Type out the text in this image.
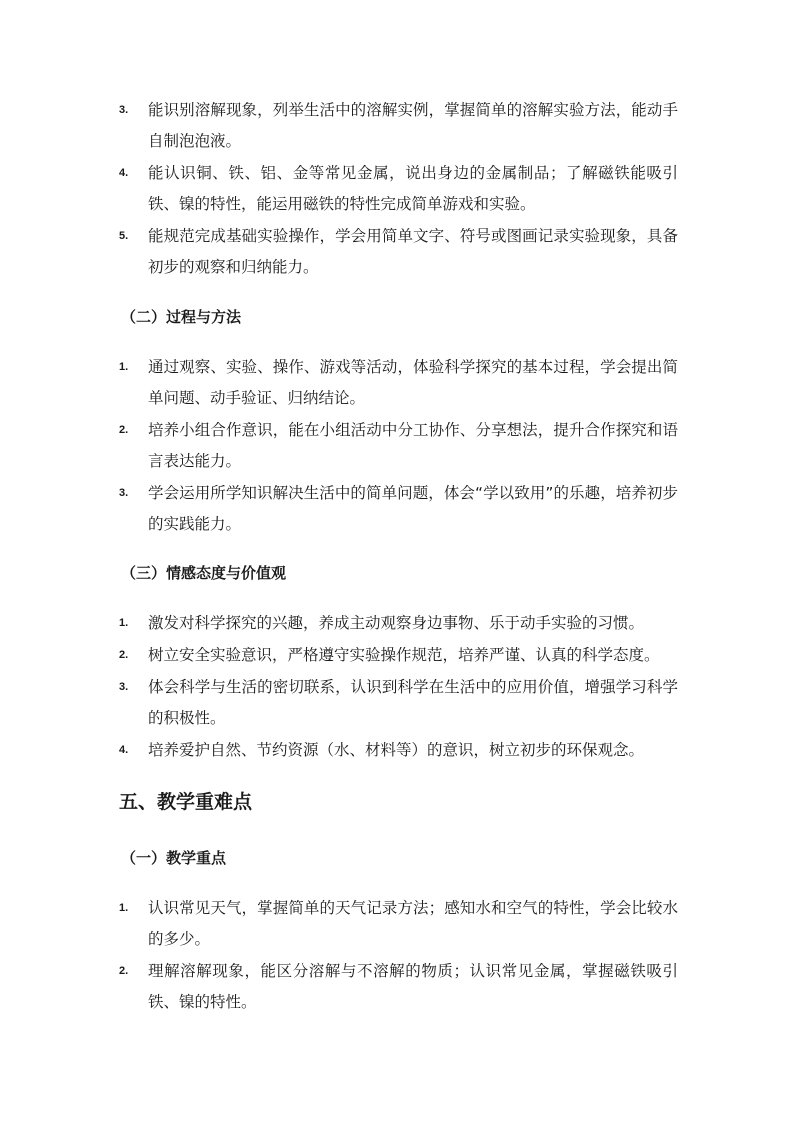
3. 能识别溶解现象，列举生活中的溶解实例，掌握简单的溶解实验方法，能动手自制泡泡液。
4. 能认识铜、铁、铝、金等常见金属，说出身边的金属制品；了解磁铁能吸引铁、镍的特性，能运用磁铁的特性完成简单游戏和实验。
5. 能规范完成基础实验操作，学会用简单文字、符号或图画记录实验现象，具备初步的观察和归纳能力。
（二）过程与方法
1. 通过观察、实验、操作、游戏等活动，体验科学探究的基本过程，学会提出简单问题、动手验证、归纳结论。
2. 培养小组合作意识，能在小组活动中分工协作、分享想法，提升合作探究和语言表达能力。
3. 学会运用所学知识解决生活中的简单问题，体会“学以致用”的乐趣，培养初步的实践能力。
（三）情感态度与价值观
1. 激发对科学探究的兴趣，养成主动观察身边事物、乐于动手实验的习惯。
2. 树立安全实验意识，严格遵守实验操作规范，培养严谨、认真的科学态度。
3. 体会科学与生活的密切联系，认识到科学在生活中的应用价值，增强学习科学的积极性。
4. 培养爱护自然、节约资源（水、材料等）的意识，树立初步的环保观念。
五、教学重难点
（一）教学重点
1. 认识常见天气，掌握简单的天气记录方法；感知水和空气的特性，学会比较水的多少。
2. 理解溶解现象，能区分溶解与不溶解的物质；认识常见金属，掌握磁铁吸引铁、镍的特性。
